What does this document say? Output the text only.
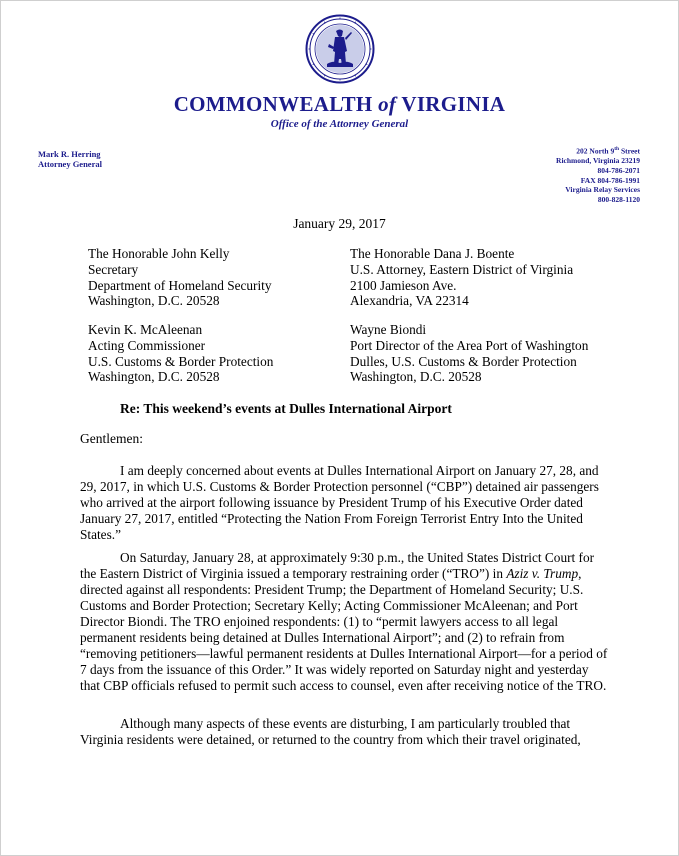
COMMONWEALTH of VIRGINIA
Office of the Attorney General
Mark R. Herring
Attorney General
202 North 9th Street
Richmond, Virginia 23219
804-786-2071
FAX 804-786-1991
Virginia Relay Services
800-828-1120
January 29, 2017
The Honorable John Kelly
Secretary
Department of Homeland Security
Washington, D.C. 20528
The Honorable Dana J. Boente
U.S. Attorney, Eastern District of Virginia
2100 Jamieson Ave.
Alexandria, VA 22314
Kevin K. McAleenan
Acting Commissioner
U.S. Customs & Border Protection
Washington, D.C. 20528
Wayne Biondi
Port Director of the Area Port of Washington
Dulles, U.S. Customs & Border Protection
Washington, D.C. 20528
Re: This weekend’s events at Dulles International Airport
Gentlemen:
I am deeply concerned about events at Dulles International Airport on January 27, 28, and 29, 2017, in which U.S. Customs & Border Protection personnel (“CBP”) detained air passengers who arrived at the airport following issuance by President Trump of his Executive Order dated January 27, 2017, entitled “Protecting the Nation From Foreign Terrorist Entry Into the United States.”
On Saturday, January 28, at approximately 9:30 p.m., the United States District Court for the Eastern District of Virginia issued a temporary restraining order (“TRO”) in Aziz v. Trump, directed against all respondents: President Trump; the Department of Homeland Security; U.S. Customs and Border Protection; Secretary Kelly; Acting Commissioner McAleenan; and Port Director Biondi. The TRO enjoined respondents: (1) to “permit lawyers access to all legal permanent residents being detained at Dulles International Airport”; and (2) to refrain from “removing petitioners—lawful permanent residents at Dulles International Airport—for a period of 7 days from the issuance of this Order.” It was widely reported on Saturday night and yesterday that CBP officials refused to permit such access to counsel, even after receiving notice of the TRO.
Although many aspects of these events are disturbing, I am particularly troubled that Virginia residents were detained, or returned to the country from which their travel originated,
